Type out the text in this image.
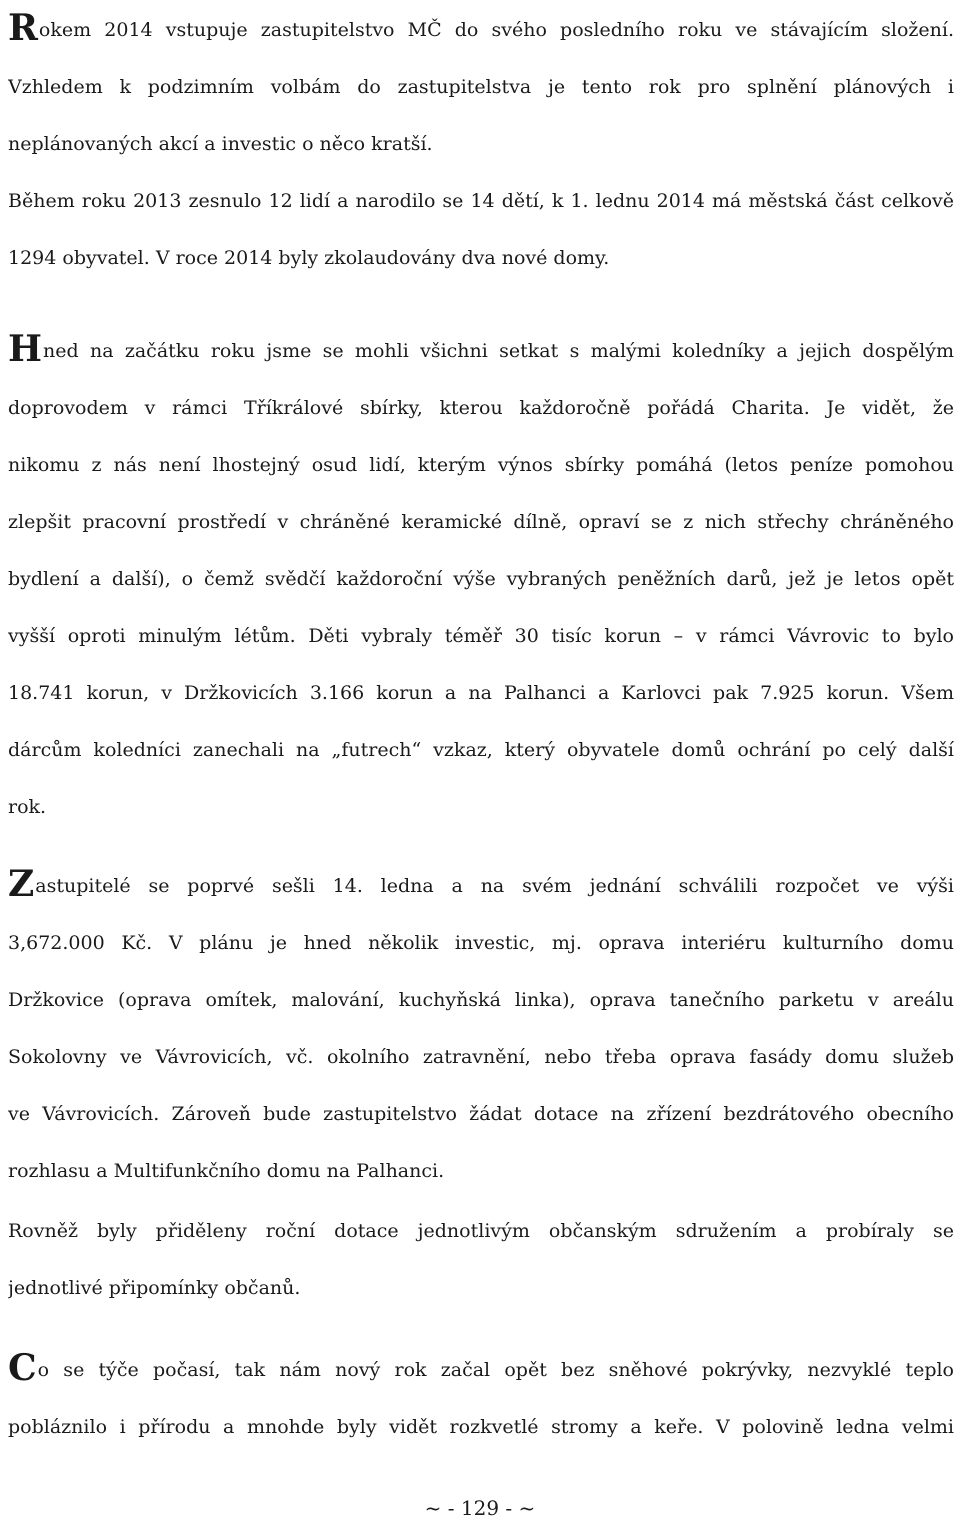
Rokem 2014 vstupuje zastupitelstvo MČ do svého posledního roku ve stávajícím složení.
Vzhledem k podzimním volbám do zastupitelstva je tento rok pro splnění plánových i
neplánovaných akcí a investic o něco kratší.
Během roku 2013 zesnulo 12 lidí a narodilo se 14 dětí, k 1. lednu 2014 má městská část celkově
1294 obyvatel. V roce 2014 byly zkolaudovány dva nové domy.
Hned na začátku roku jsme se mohli všichni setkat s malými koledníky a jejich dospělým
doprovodem v rámci Tříkrálové sbírky, kterou každoročně pořádá Charita. Je vidět, že
nikomu z nás není lhostejný osud lidí, kterým výnos sbírky pomáhá (letos peníze pomohou
zlepšit pracovní prostředí v chráněné keramické dílně, opraví se z nich střechy chráněného
bydlení a další), o čemž svědčí každoroční výše vybraných peněžních darů, jež je letos opět
vyšší oproti minulým létům. Děti vybraly téměř 30 tisíc korun – v rámci Vávrovic to bylo
18.741 korun, v Držkovicích 3.166 korun a na Palhanci a Karlovci pak 7.925 korun. Všem
dárcům koledníci zanechali na „futrech“ vzkaz, který obyvatele domů ochrání po celý další
rok.
Zastupitelé se poprvé sešli 14. ledna a na svém jednání schválili rozpočet ve výši
3,672.000 Kč. V plánu je hned několik investic, mj. oprava interiéru kulturního domu
Držkovice (oprava omítek, malování, kuchyňská linka), oprava tanečního parketu v areálu
Sokolovny ve Vávrovicích, vč. okolního zatravnění, nebo třeba oprava fasády domu služeb
ve Vávrovicích. Zároveň bude zastupitelstvo žádat dotace na zřízení bezdrátového obecního
rozhlasu a Multifunkčního domu na Palhanci.
Rovněž byly přiděleny roční dotace jednotlivým občanským sdružením a probíraly se
jednotlivé připomínky občanů.
Co se týče počasí, tak nám nový rok začal opět bez sněhové pokrývky, nezvyklé teplo
pobláznilo i přírodu a mnohde byly vidět rozkvetlé stromy a keře. V polovině ledna velmi
~ - 129 - ~
